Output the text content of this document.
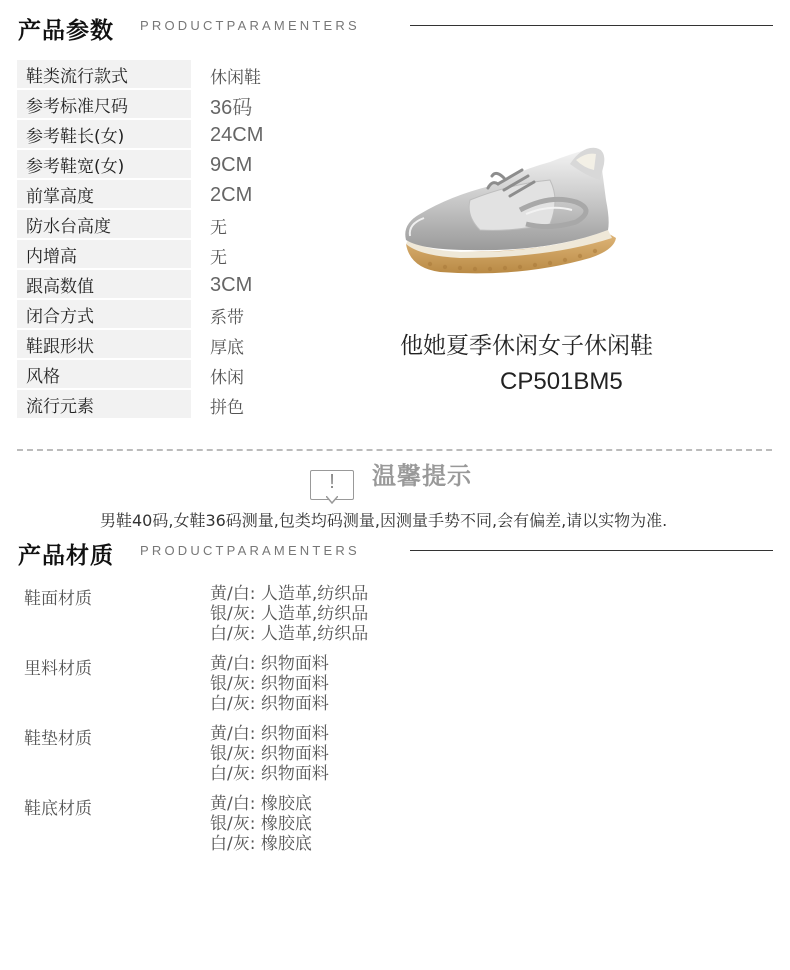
产品参数 PRODUCTPARAMENTERS
鞋类流行款式	休闲鞋
参考标准尺码	36码
参考鞋长(女)	24CM
参考鞋宽(女)	9CM
前掌高度	2CM
防水台高度	无
内增高	无
跟高数值	3CM
闭合方式	系带
鞋跟形状	厚底
风格	休闲
流行元素	拼色
他她夏季休闲女子休闲鞋
CP501BM5
!	温馨提示
男鞋40码,女鞋36码测量,包类均码测量,因测量手势不同,会有偏差,请以实物为准.
产品材质 PRODUCTPARAMENTERS
鞋面材质	黄/白: 人造革,纺织品
银/灰: 人造革,纺织品
白/灰: 人造革,纺织品
里料材质	黄/白: 织物面料
银/灰: 织物面料
白/灰: 织物面料
鞋垫材质	黄/白: 织物面料
银/灰: 织物面料
白/灰: 织物面料
鞋底材质	黄/白: 橡胶底
银/灰: 橡胶底
白/灰: 橡胶底
